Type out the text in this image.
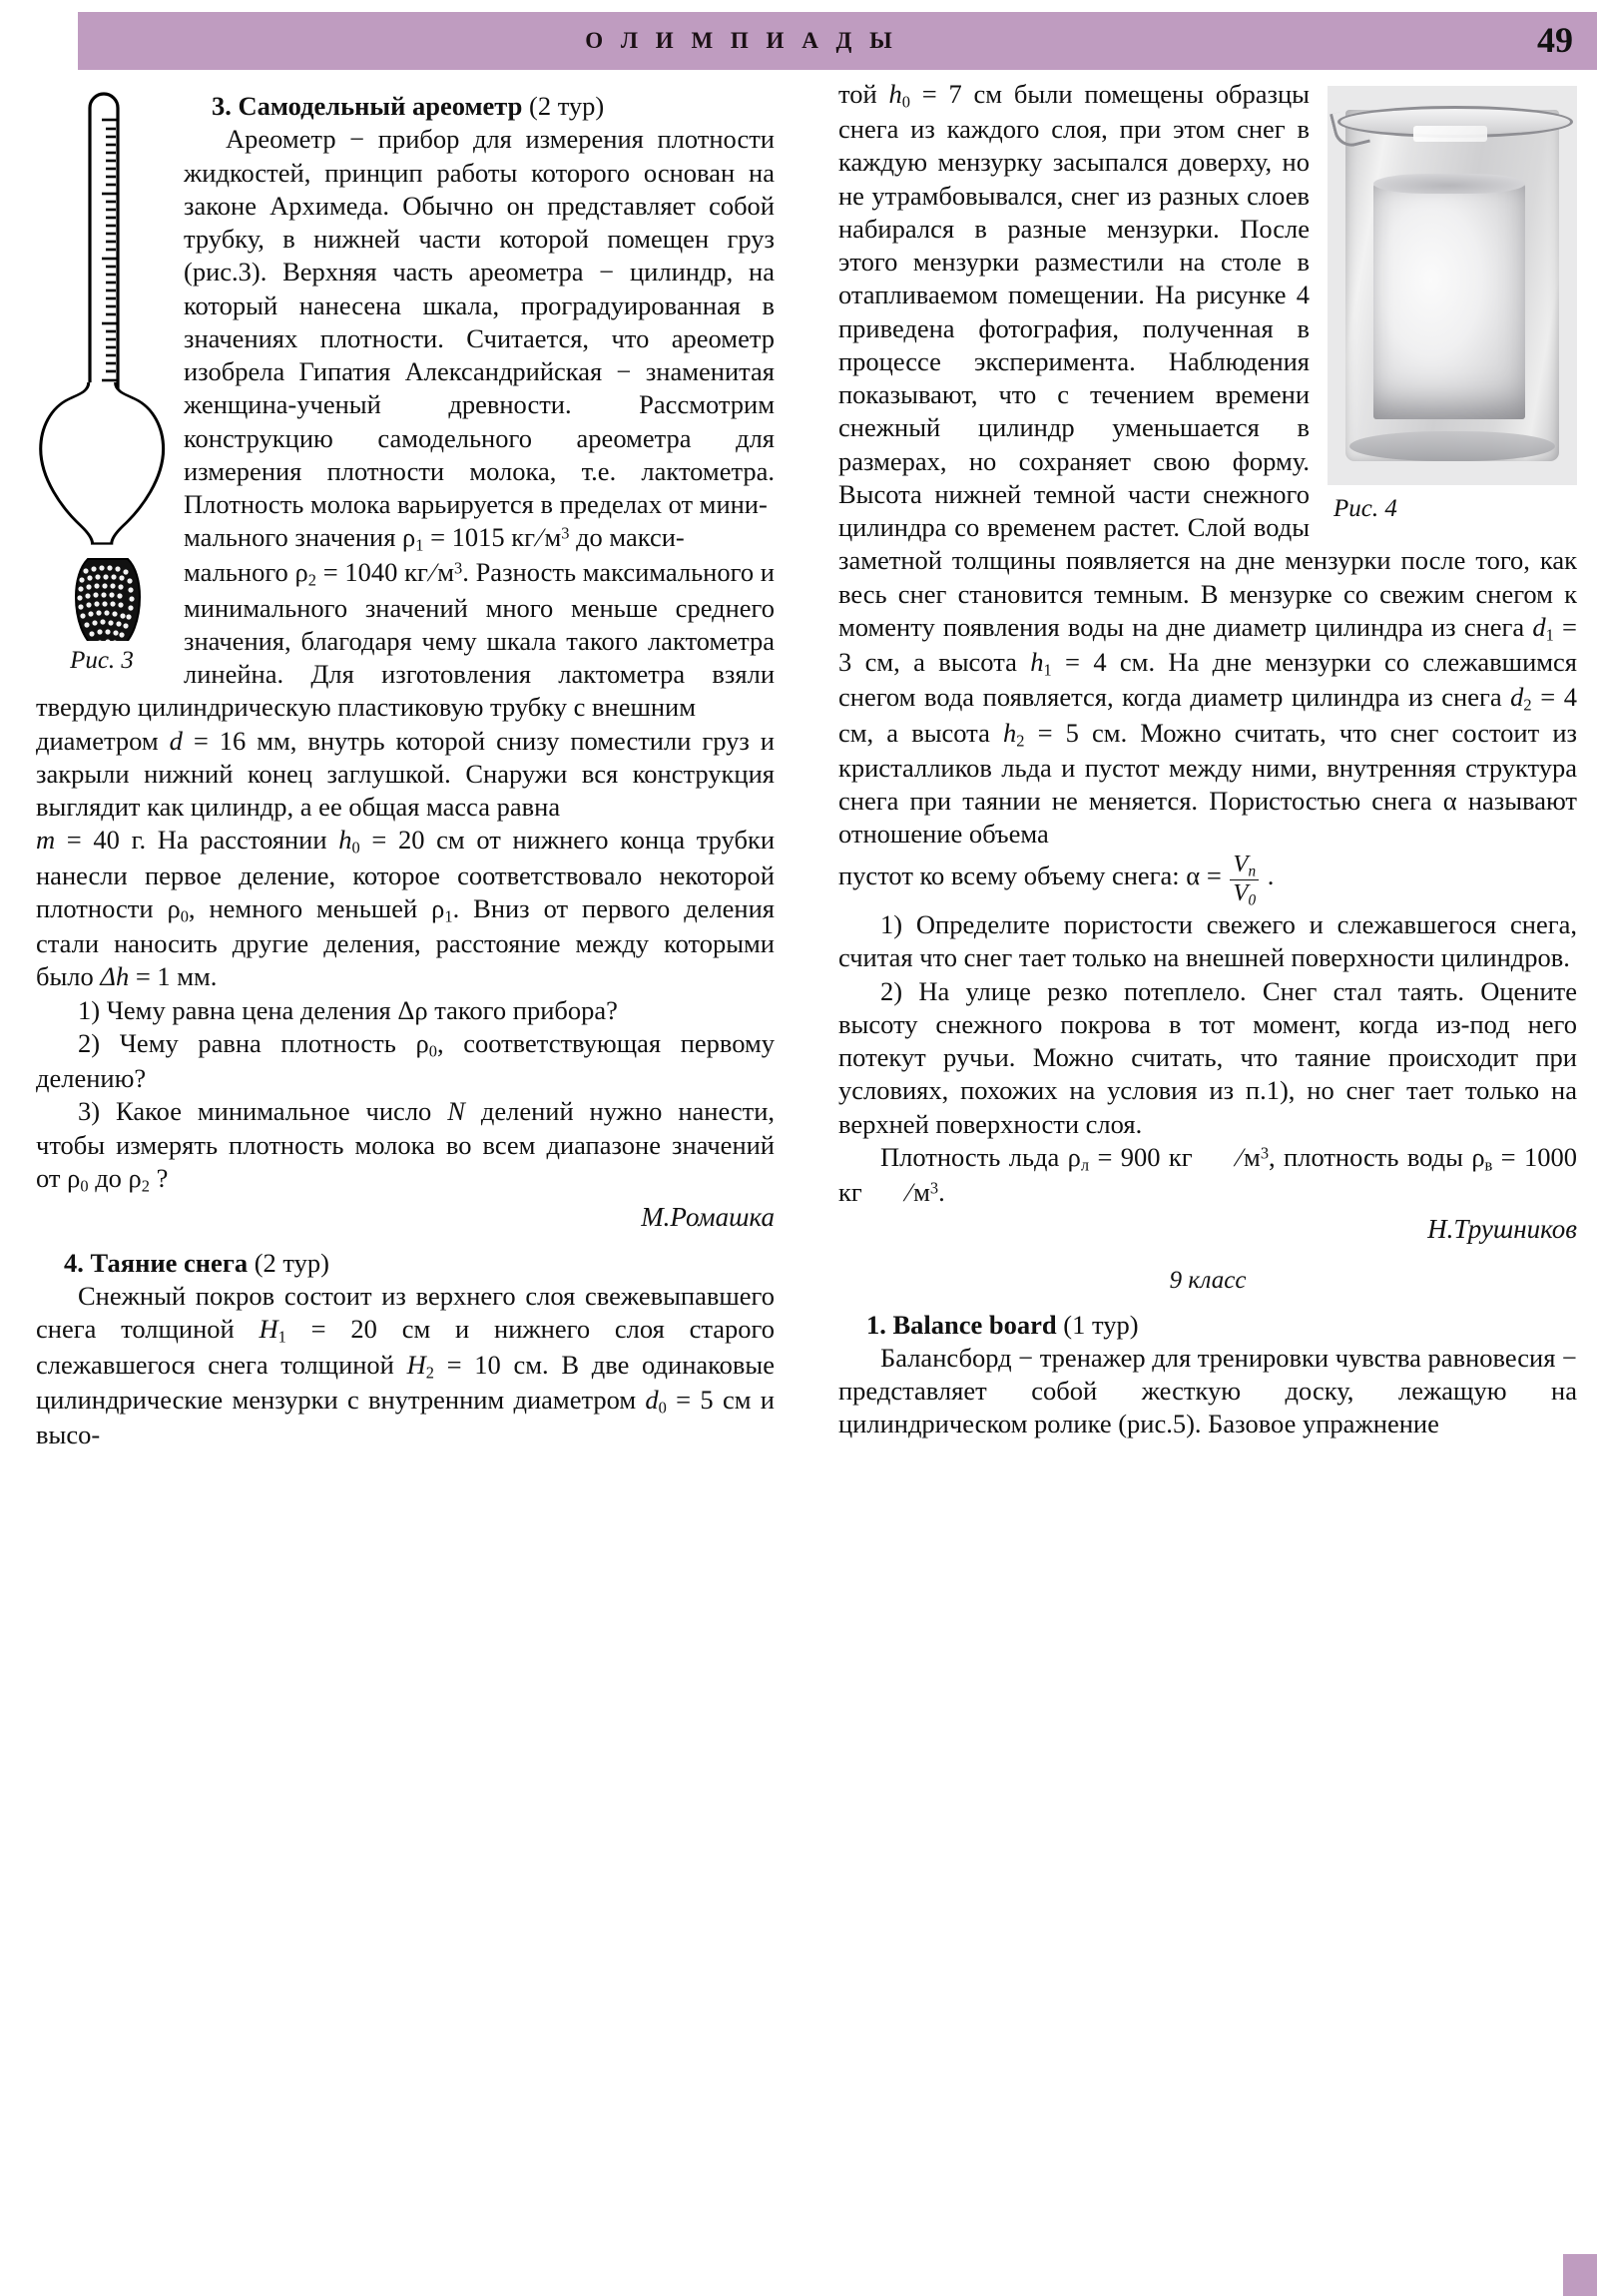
О Л И М П И А Д Ы	49
Рис. 3

3. Самодельный ареометр (2 тур)

Ареометр − прибор для измерения плотности жидкостей, принцип работы которого основан на законе Архимеда. Обычно он представляет собой трубку, в нижней части которой помещен груз (рис.3). Верхняя часть ареометра − цилиндр, на который нанесена шкала, проградуированная в значениях плотности. Считается, что ареометр изобрела Гипатия Александрийская − знаменитая женщина-ученый древности. Рассмотрим конструкцию самодельного ареометра для измерения плотности молока, т.е. лактометра. Плотность молока варьируется в пределах от мини-

мального значения $\rho_1 = 1015$ $кг/м^3$ до макси-

мального $\rho_2 = 1040$ $кг/м^3$. Разность максимального и минимального значений много меньше среднего значения, благодаря чему шкала такого лактометра линейна. Для изготовления лактометра взяли твердую цилиндрическую пластиковую трубку с внешним

диаметром d = 16 мм, внутрь которой снизу поместили груз и закрыли нижний конец заглушкой. Снаружи вся конструкция выглядит как цилиндр, а ее общая масса равна

m = 40 г. На расстоянии $h_0 = 20$ см от нижнего конца трубки нанесли первое деление, которое соответствовало некоторой плотности $\rho_0$, немного меньшей $\rho_1$. Вниз от первого деления стали наносить другие деления, расстояние между которыми было Δh = 1 мм.

1) Чему равна цена деления Δρ такого прибора?

2) Чему равна плотность $\rho_0$, соответствующая первому делению?

3) Какое минимальное число N делений нужно нанести, чтобы измерять плотность молока во всем диапазоне значений от $\rho_0$ до $\rho_2$ ?

М.Ромашка

4. Таяние снега (2 тур)

Снежный покров состоит из верхнего слоя свежевыпавшего снега толщиной $H_1 = 20$ см и нижнего слоя старого слежавшегося снега толщиной $H_2 = 10$ см. В две одинаковые цилиндрические мензурки с внутренним диаметром $d_0 = 5$ см и высо-

Рис. 4

той $h_0 = 7$ см были помещены образцы снега из каждого слоя, при этом снег в каждую мензурку засыпался доверху, но не утрамбовывался, снег из разных слоев набирался в разные мензурки. После этого мензурки разместили на столе в отапливаемом помещении. На рисунке 4 приведена фотография, полученная в процессе эксперимента. Наблюдения показывают, что с течением времени снежный цилиндр уменьшается в размерах, но сохраняет свою форму. Высота нижней темной части снежного цилиндра со временем растет. Слой воды заметной толщины появляется на дне мензурки после того, как весь снег становится темным. В мензурке со свежим снегом к моменту появления воды на дне диаметр цилиндра из снега $d_1 = 3$ см, а высота $h_1 = 4$ см. На дне мензурки со слежавшимся снегом вода появляется, когда диаметр цилиндра из снега $d_2 = 4$ см, а высота $h_2 = 5$ см. Можно считать, что снег состоит из кристалликов льда и пустот между ними, внутренняя структура снега при таянии не меняется. Пористостью снега α называют отношение объема

пустот ко всему объему снега: $\alpha = \frac{V_п}{V_0}$ .

1) Определите пористости свежего и слежавшегося снега, считая что снег тает только на внешней поверхности цилиндров.

2) На улице резко потеплело. Снег стал таять. Оцените высоту снежного покрова в тот момент, когда из-под него потекут ручьи. Можно считать, что таяние происходит при условиях, похожих на условия из п.1), но снег тает только на верхней поверхности слоя.

Плотность льда $\rho_л = 900$ кг $/м^3$, плотность воды $\rho_в = 1000$ кг $/м^3$.

Н.Трушников

9 класс

1. Balance board (1 тур)

Балансборд − тренажер для тренировки чувства равновесия − представляет собой жесткую доску, лежащую на цилиндрическом ролике (рис.5). Базовое упражнение
